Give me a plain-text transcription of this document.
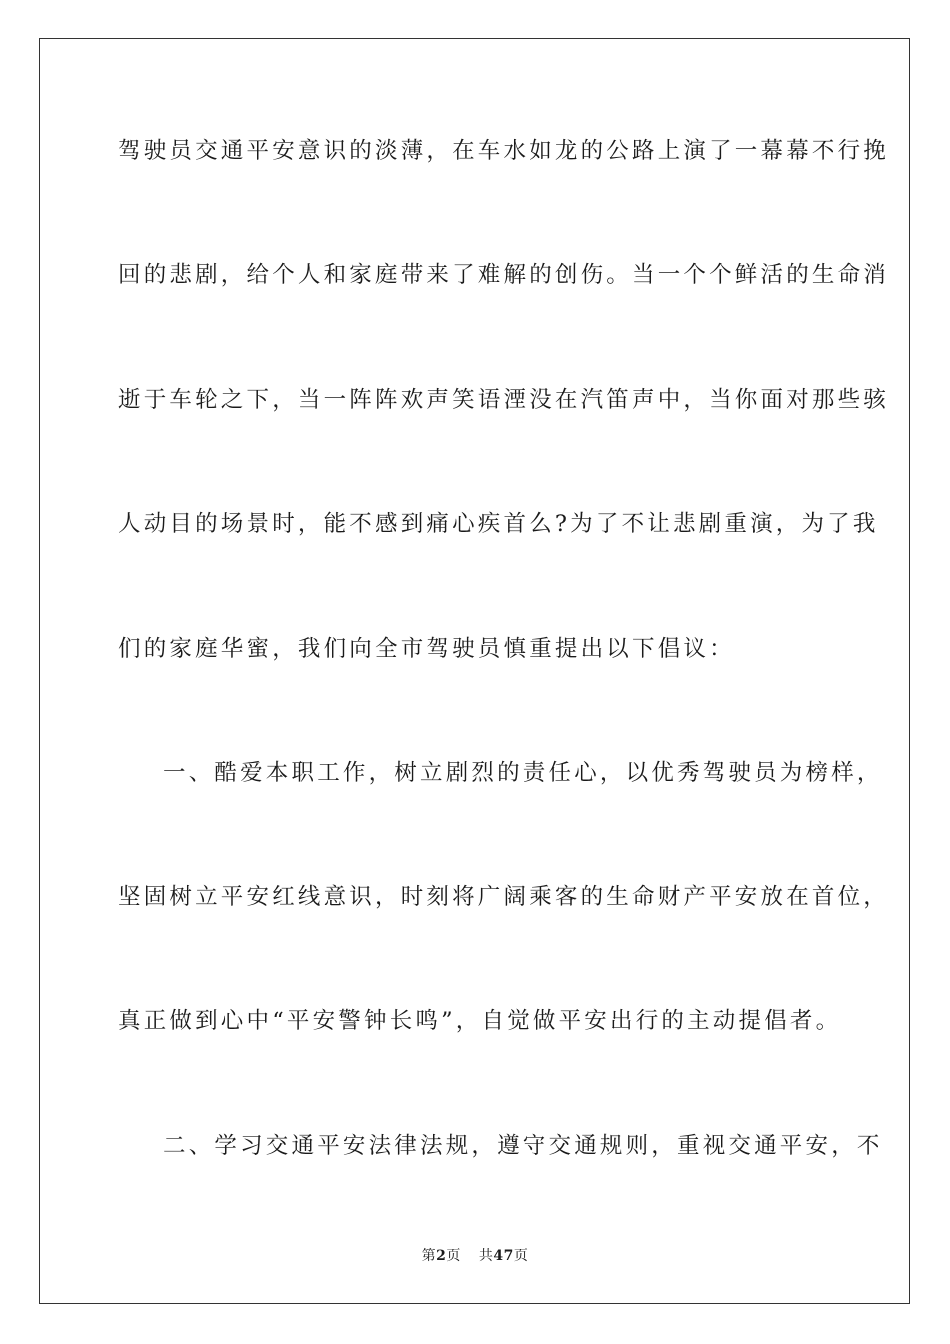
驾驶员交通平安意识的淡薄，在车水如龙的公路上演了一幕幕不行挽
回的悲剧，给个人和家庭带来了难解的创伤。当一个个鲜活的生命消
逝于车轮之下，当一阵阵欢声笑语湮没在汽笛声中，当你面对那些骇
人动目的场景时，能不感到痛心疾首么?为了不让悲剧重演，为了我
们的家庭华蜜，我们向全市驾驶员慎重提出以下倡议：
一、酷爱本职工作，树立剧烈的责任心，以优秀驾驶员为榜样，
坚固树立平安红线意识，时刻将广阔乘客的生命财产平安放在首位，
真正做到心中“平安警钟长鸣”，自觉做平安出行的主动提倡者。
二、学习交通平安法律法规，遵守交通规则，重视交通平安，不
第2页 共47页
